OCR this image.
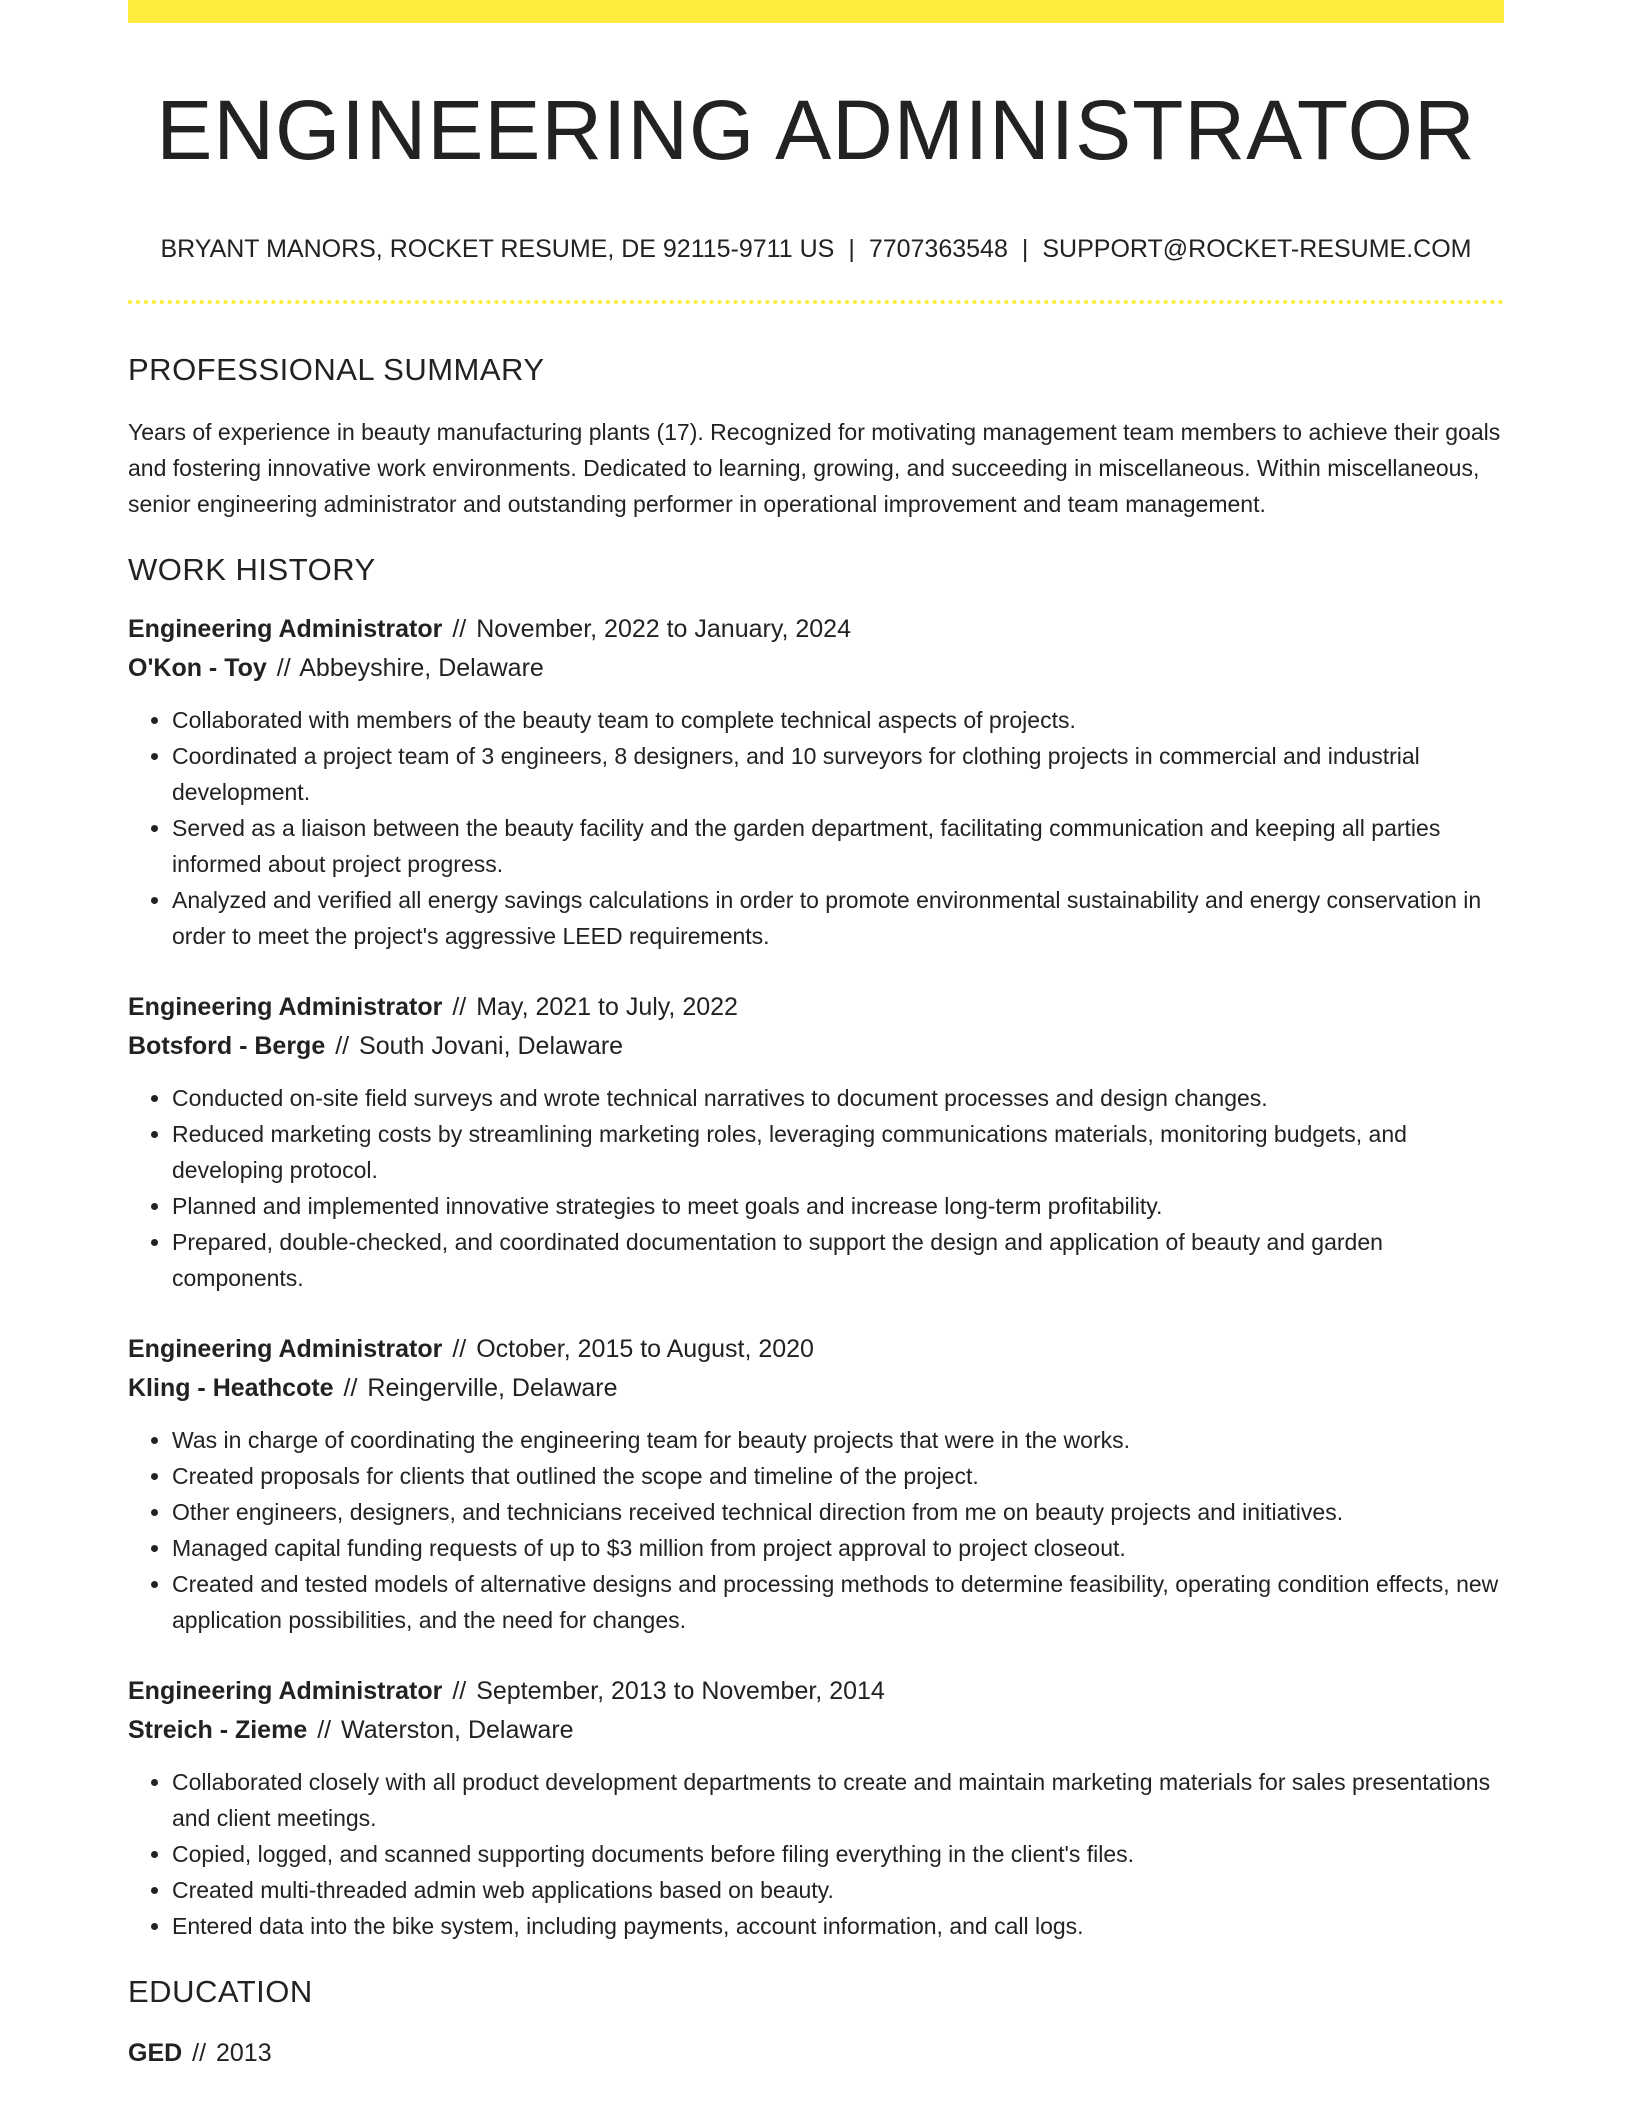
ENGINEERING ADMINISTRATOR
BRYANT MANORS, ROCKET RESUME, DE 92115-9711 US | 7707363548 | SUPPORT@ROCKET-RESUME.COM
PROFESSIONAL SUMMARY

Years of experience in beauty manufacturing plants (17). Recognized for motivating management team members to achieve their goals and fostering innovative work environments. Dedicated to learning, growing, and succeeding in miscellaneous. Within miscellaneous, senior engineering administrator and outstanding performer in operational improvement and team management.

WORK HISTORY
Engineering Administrator // November, 2022 to January, 2024
O'Kon - Toy // Abbeyshire, Delaware
• Collaborated with members of the beauty team to complete technical aspects of projects.
• Coordinated a project team of 3 engineers, 8 designers, and 10 surveyors for clothing projects in commercial and industrial development.
• Served as a liaison between the beauty facility and the garden department, facilitating communication and keeping all parties informed about project progress.
• Analyzed and verified all energy savings calculations in order to promote environmental sustainability and energy conservation in order to meet the project's aggressive LEED requirements.
Engineering Administrator // May, 2021 to July, 2022
Botsford - Berge // South Jovani, Delaware
• Conducted on-site field surveys and wrote technical narratives to document processes and design changes.
• Reduced marketing costs by streamlining marketing roles, leveraging communications materials, monitoring budgets, and developing protocol.
• Planned and implemented innovative strategies to meet goals and increase long-term profitability.
• Prepared, double-checked, and coordinated documentation to support the design and application of beauty and garden components.
Engineering Administrator // October, 2015 to August, 2020
Kling - Heathcote // Reingerville, Delaware
• Was in charge of coordinating the engineering team for beauty projects that were in the works.
• Created proposals for clients that outlined the scope and timeline of the project.
• Other engineers, designers, and technicians received technical direction from me on beauty projects and initiatives.
• Managed capital funding requests of up to $3 million from project approval to project closeout.
• Created and tested models of alternative designs and processing methods to determine feasibility, operating condition effects, new application possibilities, and the need for changes.
Engineering Administrator // September, 2013 to November, 2014
Streich - Zieme // Waterston, Delaware
• Collaborated closely with all product development departments to create and maintain marketing materials for sales presentations and client meetings.
• Copied, logged, and scanned supporting documents before filing everything in the client's files.
• Created multi-threaded admin web applications based on beauty.
• Entered data into the bike system, including payments, account information, and call logs.
EDUCATION
GED // 2013
